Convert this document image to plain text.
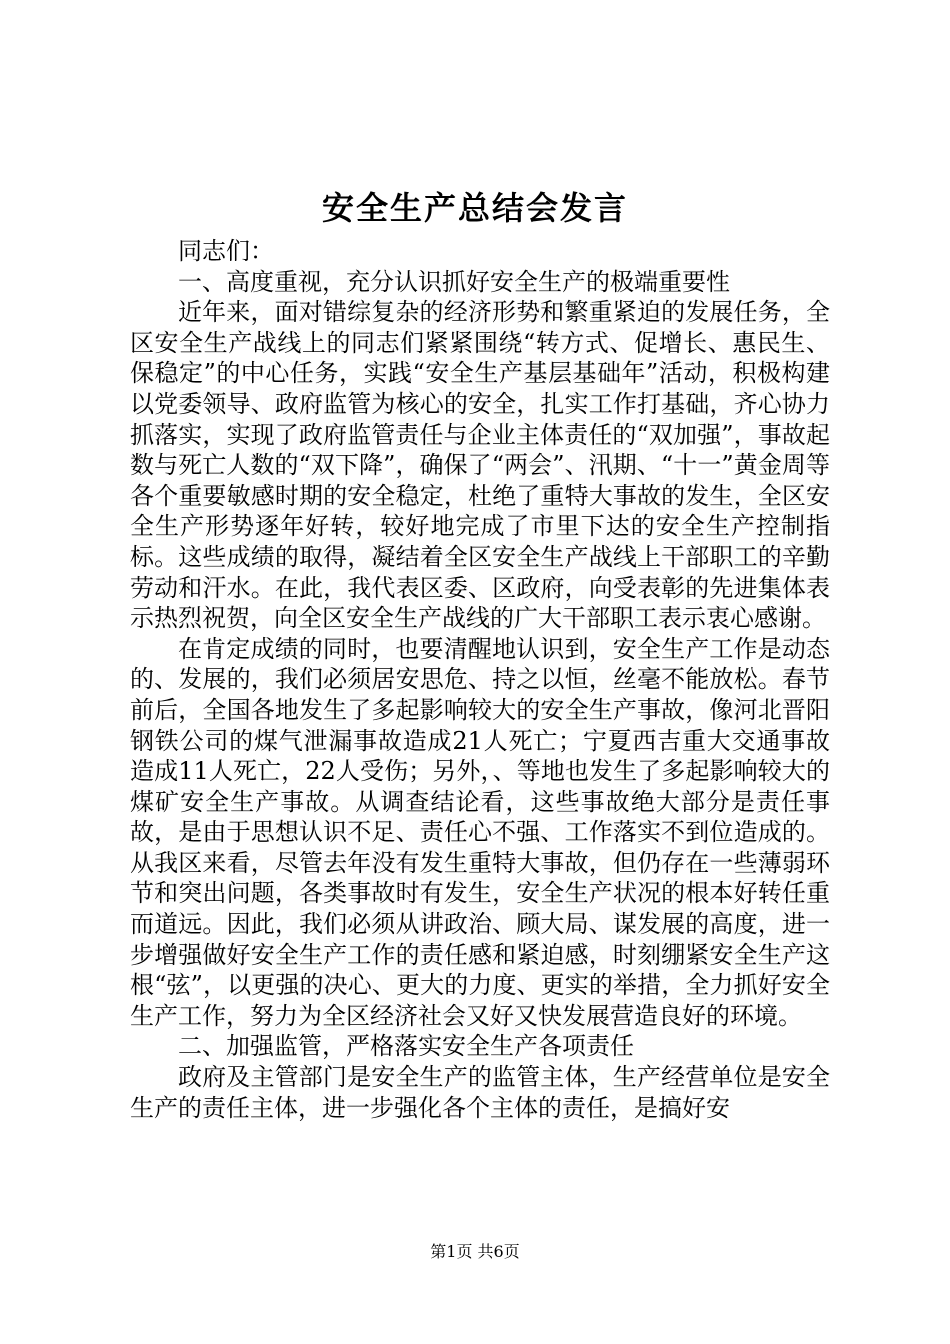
安全生产总结会发言

同志们：

一、高度重视，充分认识抓好安全生产的极端重要性

近年来，面对错综复杂的经济形势和繁重紧迫的发展任务，全区安全生产战线上的同志们紧紧围绕“转方式、促增长、惠民生、保稳定”的中心任务，实践“安全生产基层基础年”活动，积极构建以党委领导、政府监管为核心的安全，扎实工作打基础，齐心协力抓落实，实现了政府监管责任与企业主体责任的“双加强”，事故起数与死亡人数的“双下降”，确保了“两会”、汛期、“十一”黄金周等各个重要敏感时期的安全稳定，杜绝了重特大事故的发生，全区安全生产形势逐年好转，较好地完成了市里下达的安全生产控制指标。这些成绩的取得，凝结着全区安全生产战线上干部职工的辛勤劳动和汗水。在此，我代表区委、区政府，向受表彰的先进集体表示热烈祝贺，向全区安全生产战线的广大干部职工表示衷心感谢。

在肯定成绩的同时，也要清醒地认识到，安全生产工作是动态的、发展的，我们必须居安思危、持之以恒，丝毫不能放松。春节前后，全国各地发生了多起影响较大的安全生产事故，像河北晋阳钢铁公司的煤气泄漏事故造成21人死亡；宁夏西吉重大交通事故造成11人死亡，22人受伤；另外，、等地也发生了多起影响较大的煤矿安全生产事故。从调查结论看，这些事故绝大部分是责任事故，是由于思想认识不足、责任心不强、工作落实不到位造成的。从我区来看，尽管去年没有发生重特大事故，但仍存在一些薄弱环节和突出问题，各类事故时有发生，安全生产状况的根本好转任重而道远。因此，我们必须从讲政治、顾大局、谋发展的高度，进一步增强做好安全生产工作的责任感和紧迫感，时刻绷紧安全生产这根“弦”，以更强的决心、更大的力度、更实的举措，全力抓好安全生产工作，努力为全区经济社会又好又快发展营造良好的环境。

二、加强监管，严格落实安全生产各项责任

政府及主管部门是安全生产的监管主体，生产经营单位是安全生产的责任主体，进一步强化各个主体的责任，是搞好安

第1页 共6页
